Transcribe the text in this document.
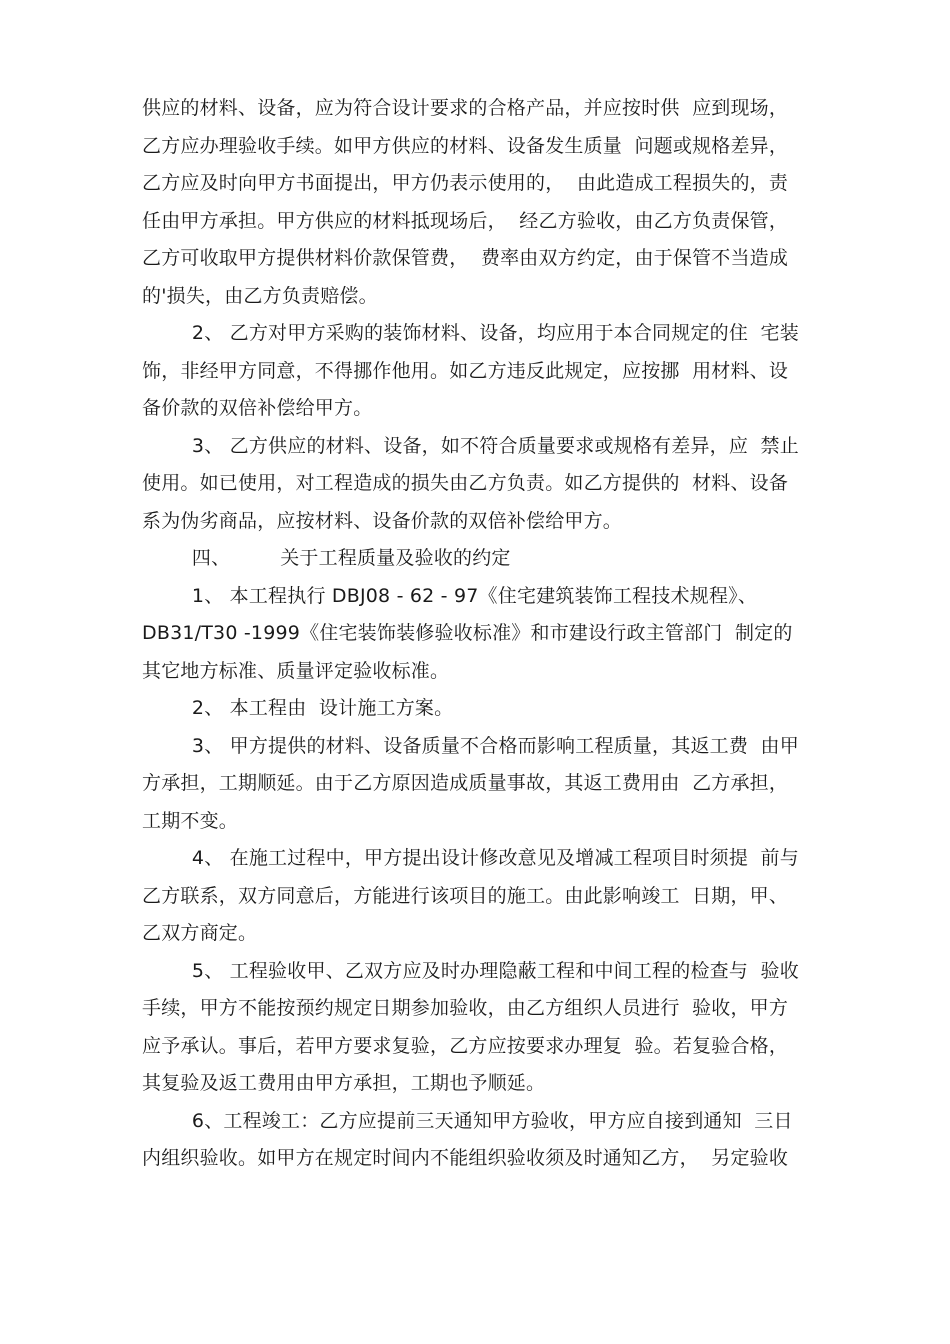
供应的材料、设备，应为符合设计要求的合格产品，并应按时供  应到现场，
乙方应办理验收手续。如甲方供应的材料、设备发生质量  问题或规格差异，
乙方应及时向甲方书面提出，甲方仍表示使用的，  由此造成工程损失的，责
任由甲方承担。甲方供应的材料抵现场后，  经乙方验收，由乙方负责保管，
乙方可收取甲方提供材料价款保管费，  费率由双方约定，由于保管不当造成
的'损失，由乙方负责赔偿。
2、 乙方对甲方采购的装饰材料、设备，均应用于本合同规定的住  宅装
饰，非经甲方同意，不得挪作他用。如乙方违反此规定，应按挪  用材料、设
备价款的双倍补偿给甲方。
3、 乙方供应的材料、设备，如不符合质量要求或规格有差异，应  禁止
使用。如已使用，对工程造成的损失由乙方负责。如乙方提供的  材料、设备
系为伪劣商品，应按材料、设备价款的双倍补偿给甲方。
四、        关于工程质量及验收的约定
1、 本工程执行 DBJ08 - 62 - 97《住宅建筑装饰工程技术规程》、
DB31/T30 -1999《住宅装饰装修验收标准》和市建设行政主管部门  制定的
其它地方标准、质量评定验收标准。
2、 本工程由  设计施工方案。
3、 甲方提供的材料、设备质量不合格而影响工程质量，其返工费  由甲
方承担，工期顺延。由于乙方原因造成质量事故，其返工费用由  乙方承担，
工期不变。
4、 在施工过程中，甲方提出设计修改意见及增减工程项目时须提  前与
乙方联系，双方同意后，方能进行该项目的施工。由此影响竣工  日期，甲、
乙双方商定。
5、 工程验收甲、乙双方应及时办理隐蔽工程和中间工程的检查与  验收
手续，甲方不能按预约规定日期参加验收，由乙方组织人员进行  验收，甲方
应予承认。事后，若甲方要求复验，乙方应按要求办理复  验。若复验合格，
其复验及返工费用由甲方承担，工期也予顺延。
6、工程竣工：乙方应提前三天通知甲方验收，甲方应自接到通知  三日
内组织验收。如甲方在规定时间内不能组织验收须及时通知乙方，  另定验收
